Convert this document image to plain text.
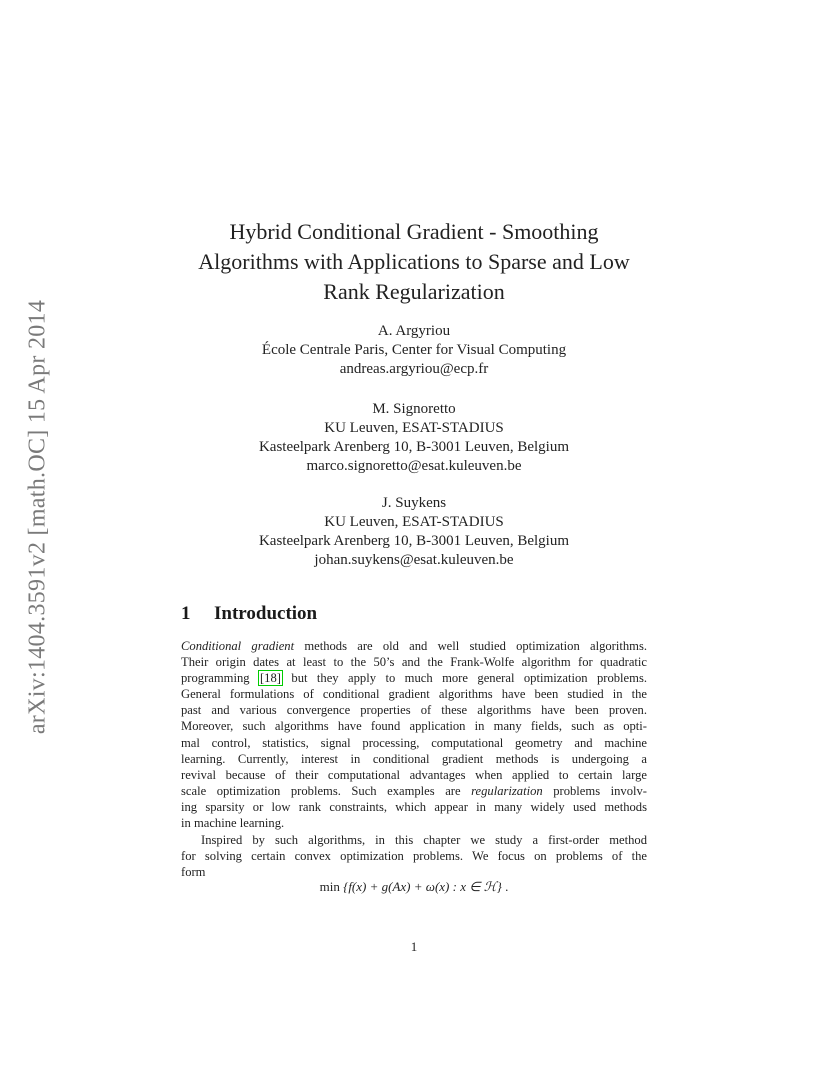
arXiv:1404.3591v2 [math.OC] 15 Apr 2014
Hybrid Conditional Gradient - Smoothing
Algorithms with Applications to Sparse and Low
Rank Regularization
A. Argyriou
École Centrale Paris, Center for Visual Computing
andreas.argyriou@ecp.fr
M. Signoretto
KU Leuven, ESAT-STADIUS
Kasteelpark Arenberg 10, B-3001 Leuven, Belgium
marco.signoretto@esat.kuleuven.be
J. Suykens
KU Leuven, ESAT-STADIUS
Kasteelpark Arenberg 10, B-3001 Leuven, Belgium
johan.suykens@esat.kuleuven.be
1 Introduction
Conditional gradient methods are old and well studied optimization algorithms.
Their origin dates at least to the 50’s and the Frank-Wolfe algorithm for quadratic
programming [18] but they apply to much more general optimization problems.
General formulations of conditional gradient algorithms have been studied in the
past and various convergence properties of these algorithms have been proven.
Moreover, such algorithms have found application in many fields, such as opti-
mal control, statistics, signal processing, computational geometry and machine
learning. Currently, interest in conditional gradient methods is undergoing a
revival because of their computational advantages when applied to certain large
scale optimization problems. Such examples are regularization problems involv-
ing sparsity or low rank constraints, which appear in many widely used methods
in machine learning.
Inspired by such algorithms, in this chapter we study a first-order method
for solving certain convex optimization problems. We focus on problems of the
form
min {f(x) + g(Ax) + ω(x) : x ∈ ℋ} .
1
